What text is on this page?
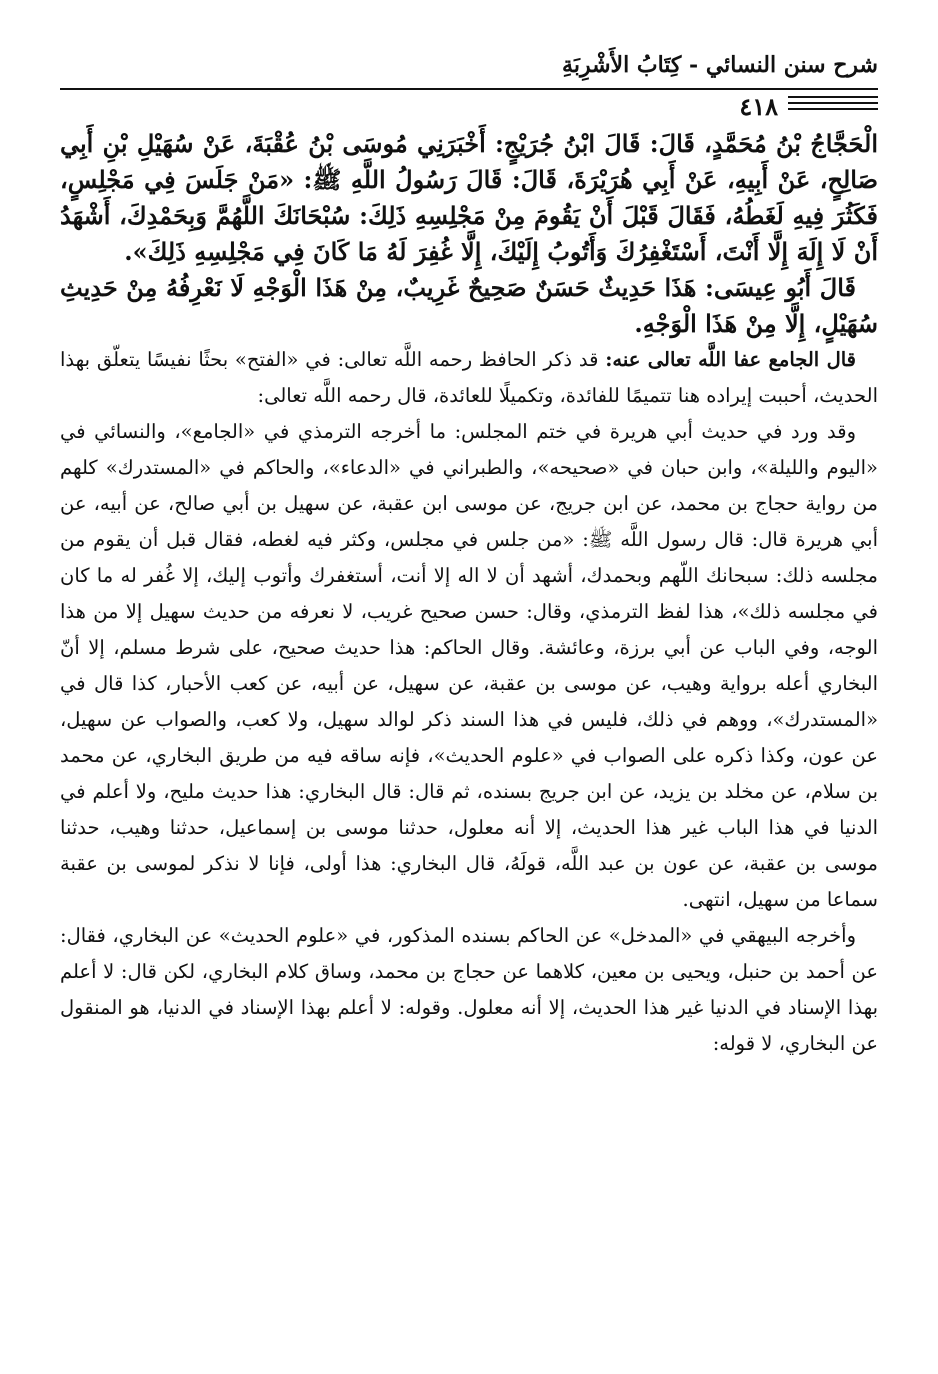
شرح سنن النسائي - كِتَابُ الأَشْرِبَةِ
٤١٨

الْحَجَّاجُ بْنُ مُحَمَّدٍ، قَالَ: قَالَ ابْنُ جُرَيْجٍ: أَخْبَرَنِي مُوسَى بْنُ عُقْبَةَ، عَنْ سُهَيْلِ بْنِ أَبِي صَالِحٍ، عَنْ أَبِيهِ، عَنْ أَبِي هُرَيْرَةَ، قَالَ: قَالَ رَسُولُ اللَّهِ ﷺ: «مَنْ جَلَسَ فِي مَجْلِسٍ، فَكَثُرَ فِيهِ لَغَطُهُ، فَقَالَ قَبْلَ أَنْ يَقُومَ مِنْ مَجْلِسِهِ ذَلِكَ: سُبْحَانَكَ اللَّهُمَّ وَبِحَمْدِكَ، أَشْهَدُ أَنْ لَا إِلَهَ إِلَّا أَنْتَ، أَسْتَغْفِرُكَ وَأَتُوبُ إِلَيْكَ، إِلَّا غُفِرَ لَهُ مَا كَانَ فِي مَجْلِسِهِ ذَلِكَ».

قَالَ أَبُو عِيسَى: هَذَا حَدِيثٌ حَسَنٌ صَحِيحٌ غَرِيبٌ، مِنْ هَذَا الْوَجْهِ لَا نَعْرِفُهُ مِنْ حَدِيثِ سُهَيْلٍ، إِلَّا مِنْ هَذَا الْوَجْهِ.

قال الجامع عفا اللَّه تعالى عنه: قد ذكر الحافظ رحمه اللَّه تعالى: في «الفتح» بحثًا نفيسًا يتعلّق بهذا الحديث، أحببت إيراده هنا تتميمًا للفائدة، وتكميلًا للعائدة، قال رحمه اللَّه تعالى:

وقد ورد في حديث أبي هريرة في ختم المجلس: ما أخرجه الترمذي في «الجامع»، والنسائي في «اليوم والليلة»، وابن حبان في «صحيحه»، والطبراني في «الدعاء»، والحاكم في «المستدرك» كلهم من رواية حجاج بن محمد، عن ابن جريج، عن موسى ابن عقبة، عن سهيل بن أبي صالح، عن أبيه، عن أبي هريرة قال: قال رسول اللَّه ﷺ: «من جلس في مجلس، وكثر فيه لغطه، فقال قبل أن يقوم من مجلسه ذلك: سبحانك اللّهم وبحمدك، أشهد أن لا اله إلا أنت، أستغفرك وأتوب إليك، إلا غُفر له ما كان في مجلسه ذلك»، هذا لفظ الترمذي، وقال: حسن صحيح غريب، لا نعرفه من حديث سهيل إلا من هذا الوجه، وفي الباب عن أبي برزة، وعائشة. وقال الحاكم: هذا حديث صحيح، على شرط مسلم، إلا أنّ البخاري أعله برواية وهيب، عن موسى بن عقبة، عن سهيل، عن أبيه، عن كعب الأحبار، كذا قال في «المستدرك»، ووهم في ذلك، فليس في هذا السند ذكر لوالد سهيل، ولا كعب، والصواب عن سهيل، عن عون، وكذا ذكره على الصواب في «علوم الحديث»، فإنه ساقه فيه من طريق البخاري، عن محمد بن سلام، عن مخلد بن يزيد، عن ابن جريج بسنده، ثم قال: قال البخاري: هذا حديث مليح، ولا أعلم في الدنيا في هذا الباب غير هذا الحديث، إلا أنه معلول، حدثنا موسى بن إسماعيل، حدثنا وهيب، حدثنا موسى بن عقبة، عن عون بن عبد اللَّه، قولَهُ، قال البخاري: هذا أولى، فإنا لا نذكر لموسى بن عقبة سماعا من سهيل، انتهى.

وأخرجه البيهقي في «المدخل» عن الحاكم بسنده المذكور، في «علوم الحديث» عن البخاري، فقال: عن أحمد بن حنبل، ويحيى بن معين، كلاهما عن حجاج بن محمد، وساق كلام البخاري، لكن قال: لا أعلم بهذا الإسناد في الدنيا غير هذا الحديث، إلا أنه معلول. وقوله: لا أعلم بهذا الإسناد في الدنيا، هو المنقول عن البخاري، لا قوله:
